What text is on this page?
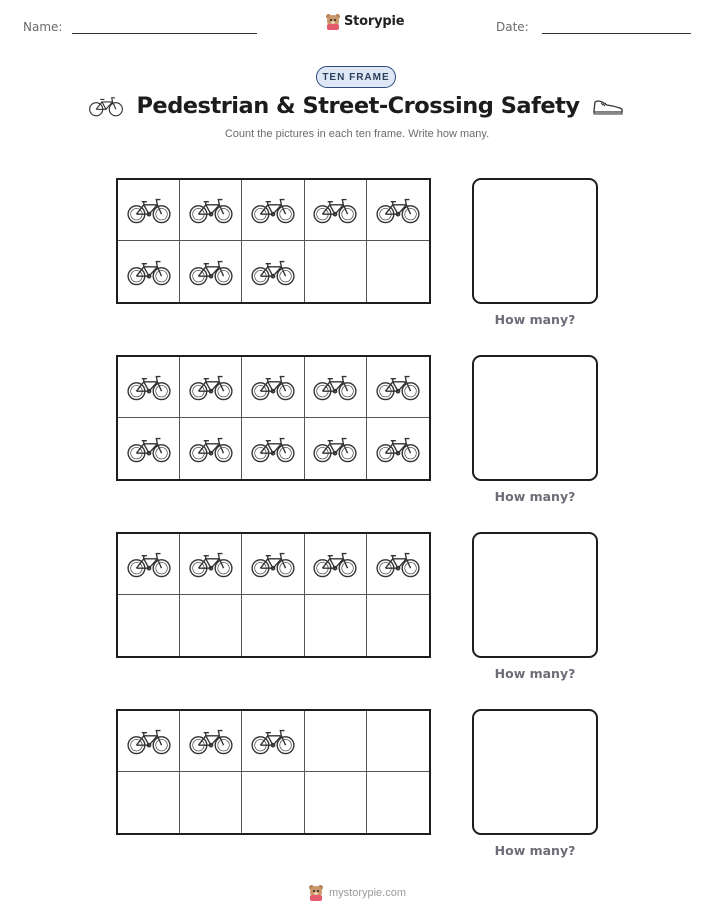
Name:	Storypie	Date:
TEN FRAME
Pedestrian & Street-Crossing Safety
Count the pictures in each ten frame. Write how many.
How many?
How many?
How many?
How many?
mystorypie.com
